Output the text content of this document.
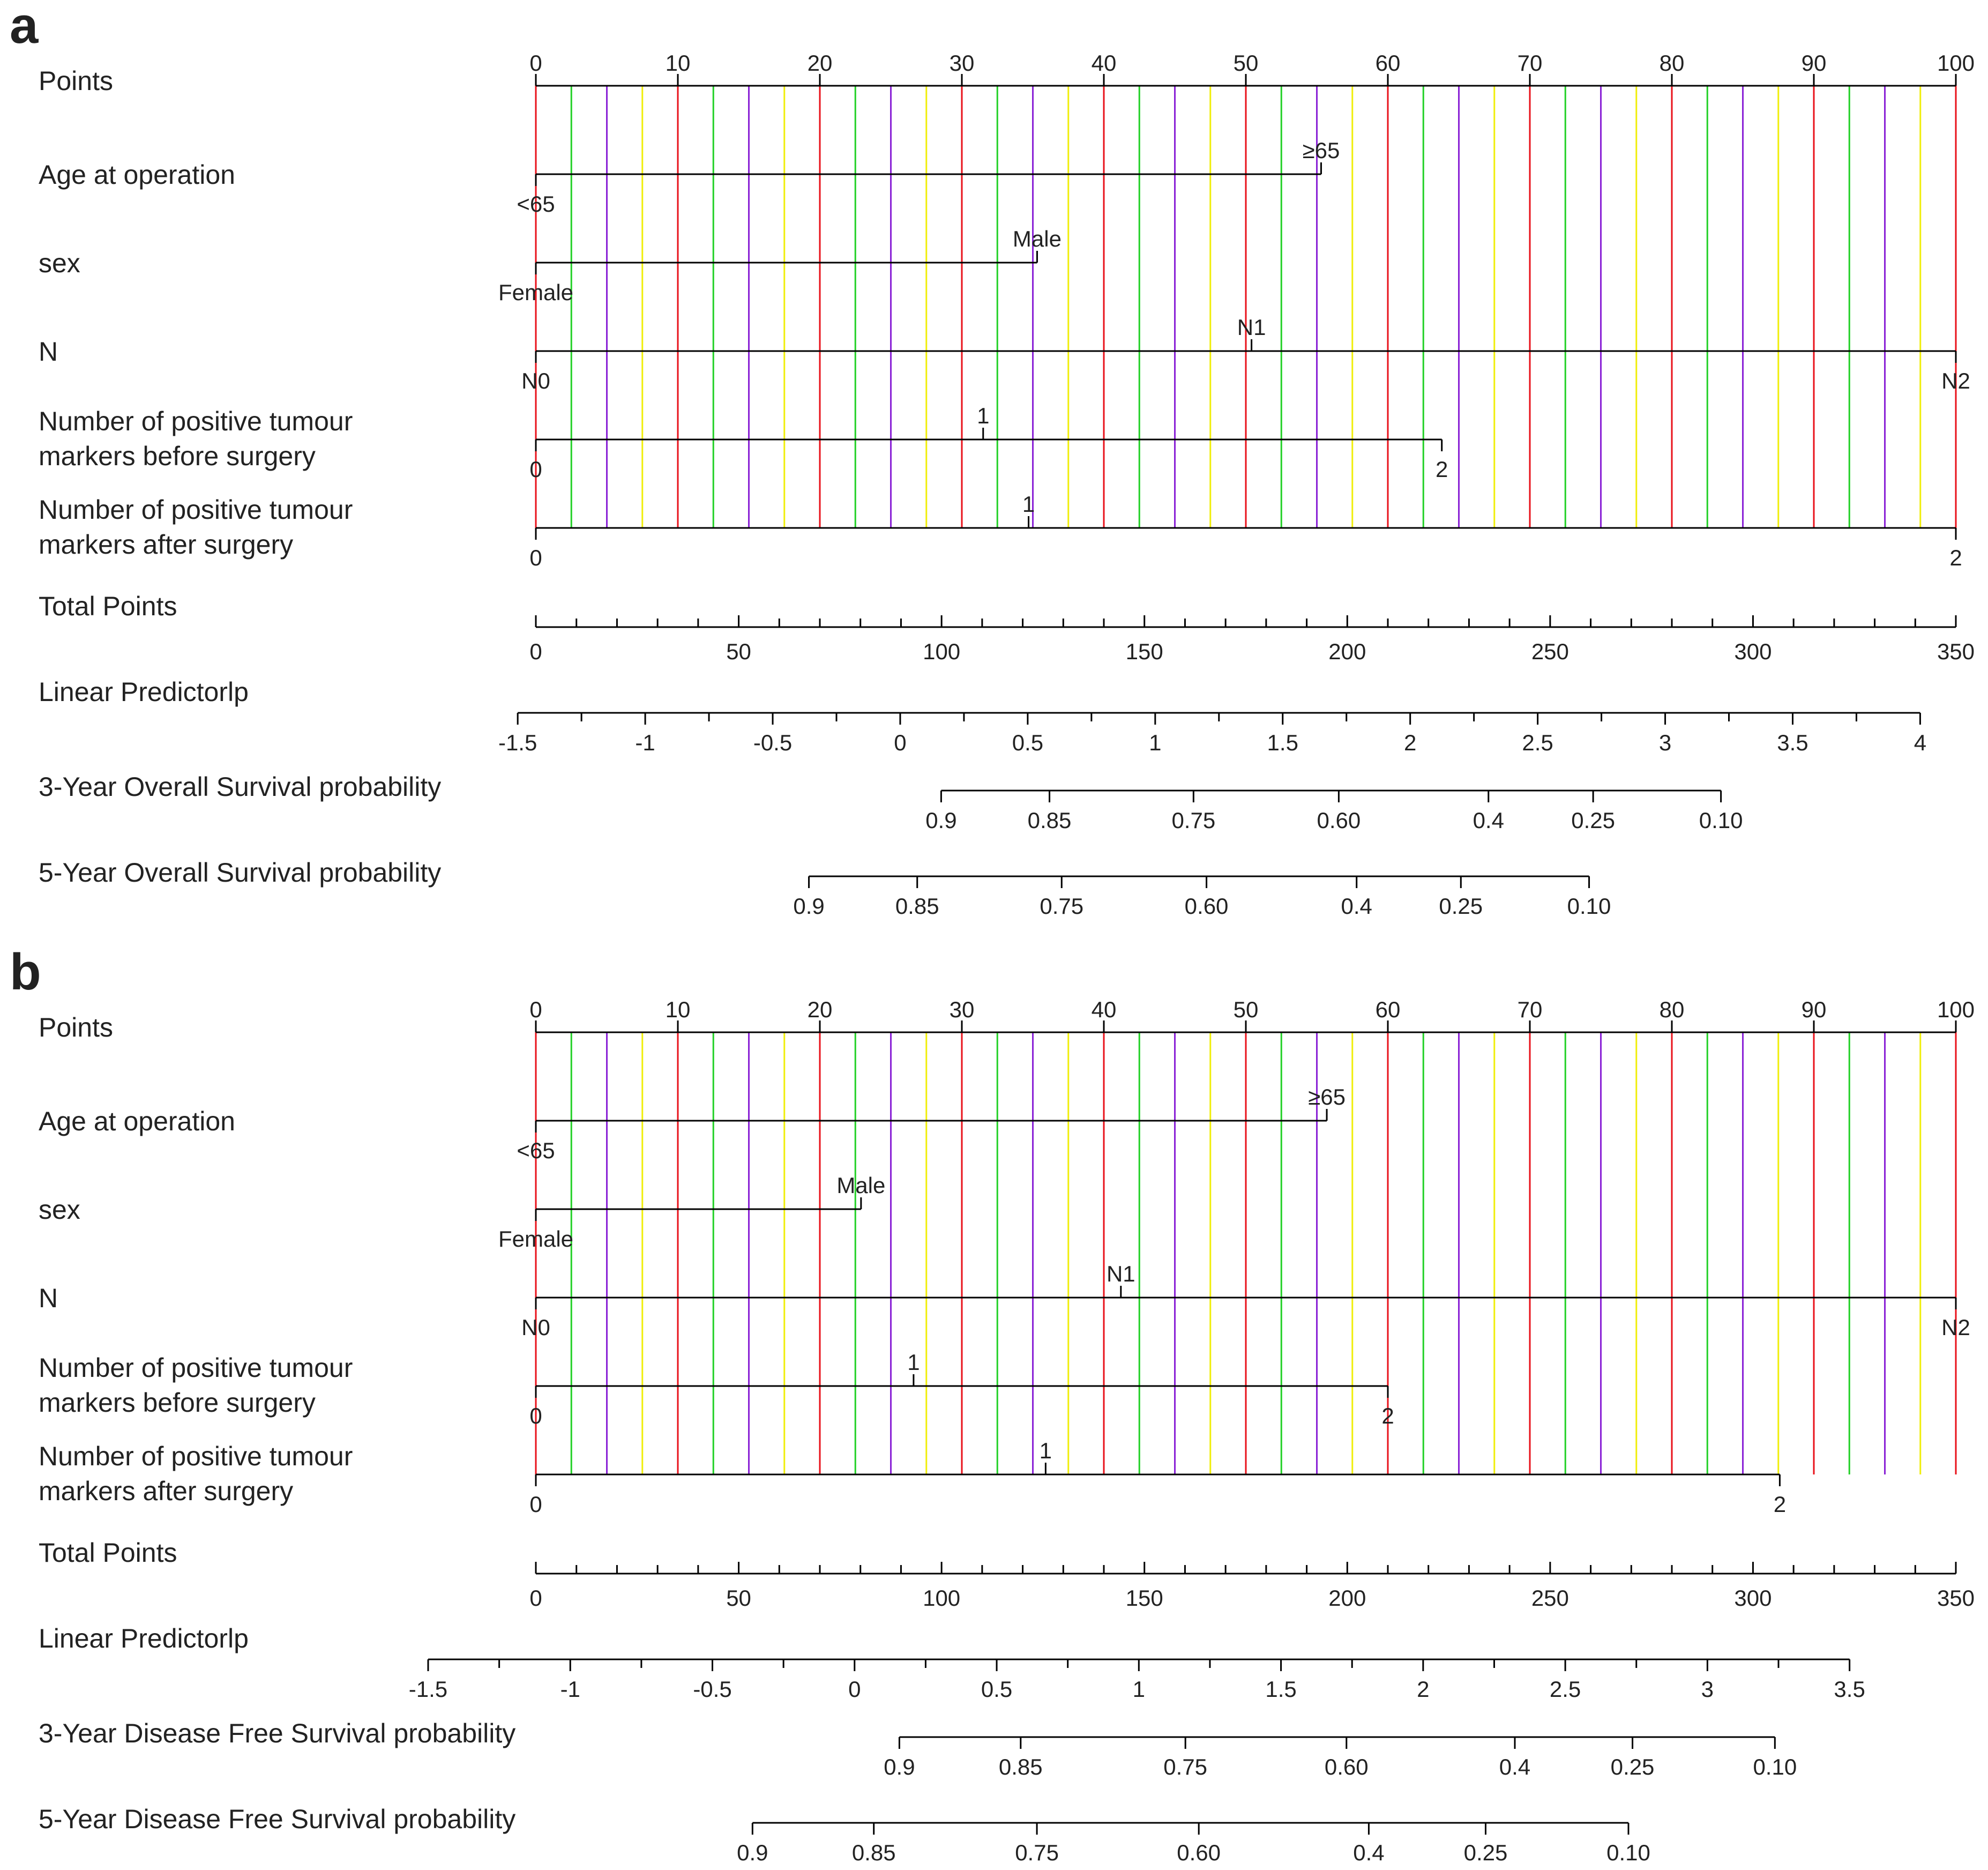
a
Points
0	10	20	30	40	50	60	70	80	90	100
Age at operation
<65
≥65
sex
Female
Male
N
N0
N1
N2
Number of positive tumour
markers before surgery	0
1
2
Number of positive tumour
markers after surgery	0
1
2
Total Points
0	50	100	150	200	250	300	350
Linear Predictorlp
-1.5	-1	-0.5	0	0.5	1	1.5	2	2.5	3	3.5	4
3-Year Overall Survival probability
0.9	0.85	0.75	0.60	0.4	0.25	0.10
5-Year Overall Survival probability
0.9	0.85	0.75	0.60	0.4	0.25	0.10
b
Points
0	10	20	30	40	50	60	70	80	90	100
Age at operation
<65
≥65
sex
Female
Male
N
N0
N1
N2
Number of positive tumour
markers before surgery	0
1
2
Number of positive tumour
markers after surgery	0
1
2
Total Points
0	50	100	150	200	250	300	350
Linear Predictorlp
-1.5	-1	-0.5	0	0.5	1	1.5	2	2.5	3	3.5
3-Year Disease Free Survival probability
0.9	0.85	0.75	0.60	0.4	0.25	0.10
5-Year Disease Free Survival probability
0.9	0.85	0.75	0.60	0.4	0.25	0.10
